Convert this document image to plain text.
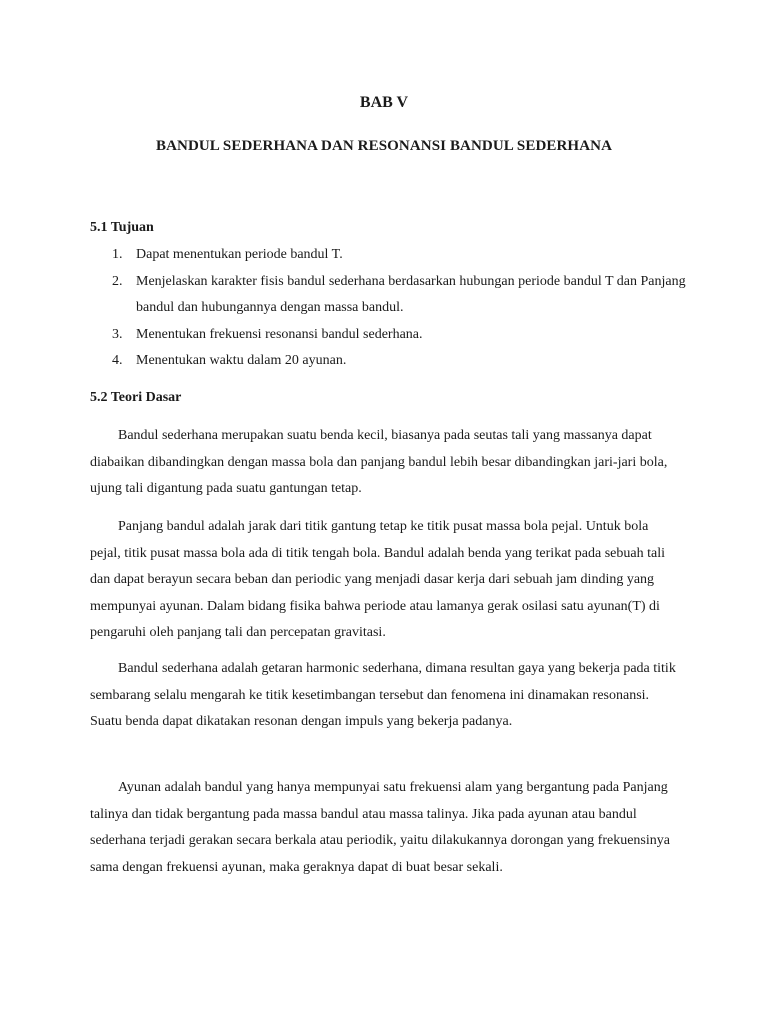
BAB V
BANDUL SEDERHANA DAN RESONANSI BANDUL SEDERHANA
5.1 Tujuan
1. Dapat menentukan periode bandul T.
2. Menjelaskan karakter fisis bandul sederhana berdasarkan hubungan periode bandul T dan Panjang bandul dan hubungannya dengan massa bandul.
3. Menentukan frekuensi resonansi bandul sederhana.
4. Menentukan waktu dalam 20 ayunan.
5.2 Teori Dasar

Bandul sederhana merupakan suatu benda kecil, biasanya pada seutas tali yang massanya dapat diabaikan dibandingkan dengan massa bola dan panjang bandul lebih besar dibandingkan jari-jari bola, ujung tali digantung pada suatu gantungan tetap.

Panjang bandul adalah jarak dari titik gantung tetap ke titik pusat massa bola pejal. Untuk bola pejal, titik pusat massa bola ada di titik tengah bola. Bandul adalah benda yang terikat pada sebuah tali dan dapat berayun secara beban dan periodic yang menjadi dasar kerja dari sebuah jam dinding yang mempunyai ayunan. Dalam bidang fisika bahwa periode atau lamanya gerak osilasi satu ayunan(T) di pengaruhi oleh panjang tali dan percepatan gravitasi.

Bandul sederhana adalah getaran harmonic sederhana, dimana resultan gaya yang bekerja pada titik sembarang selalu mengarah ke titik kesetimbangan tersebut dan fenomena ini dinamakan resonansi. Suatu benda dapat dikatakan resonan dengan impuls yang bekerja padanya.

Ayunan adalah bandul yang hanya mempunyai satu frekuensi alam yang bergantung pada Panjang talinya dan tidak bergantung pada massa bandul atau massa talinya. Jika pada ayunan atau bandul sederhana terjadi gerakan secara berkala atau periodik, yaitu dilakukannya dorongan yang frekuensinya sama dengan frekuensi ayunan, maka geraknya dapat di buat besar sekali.
